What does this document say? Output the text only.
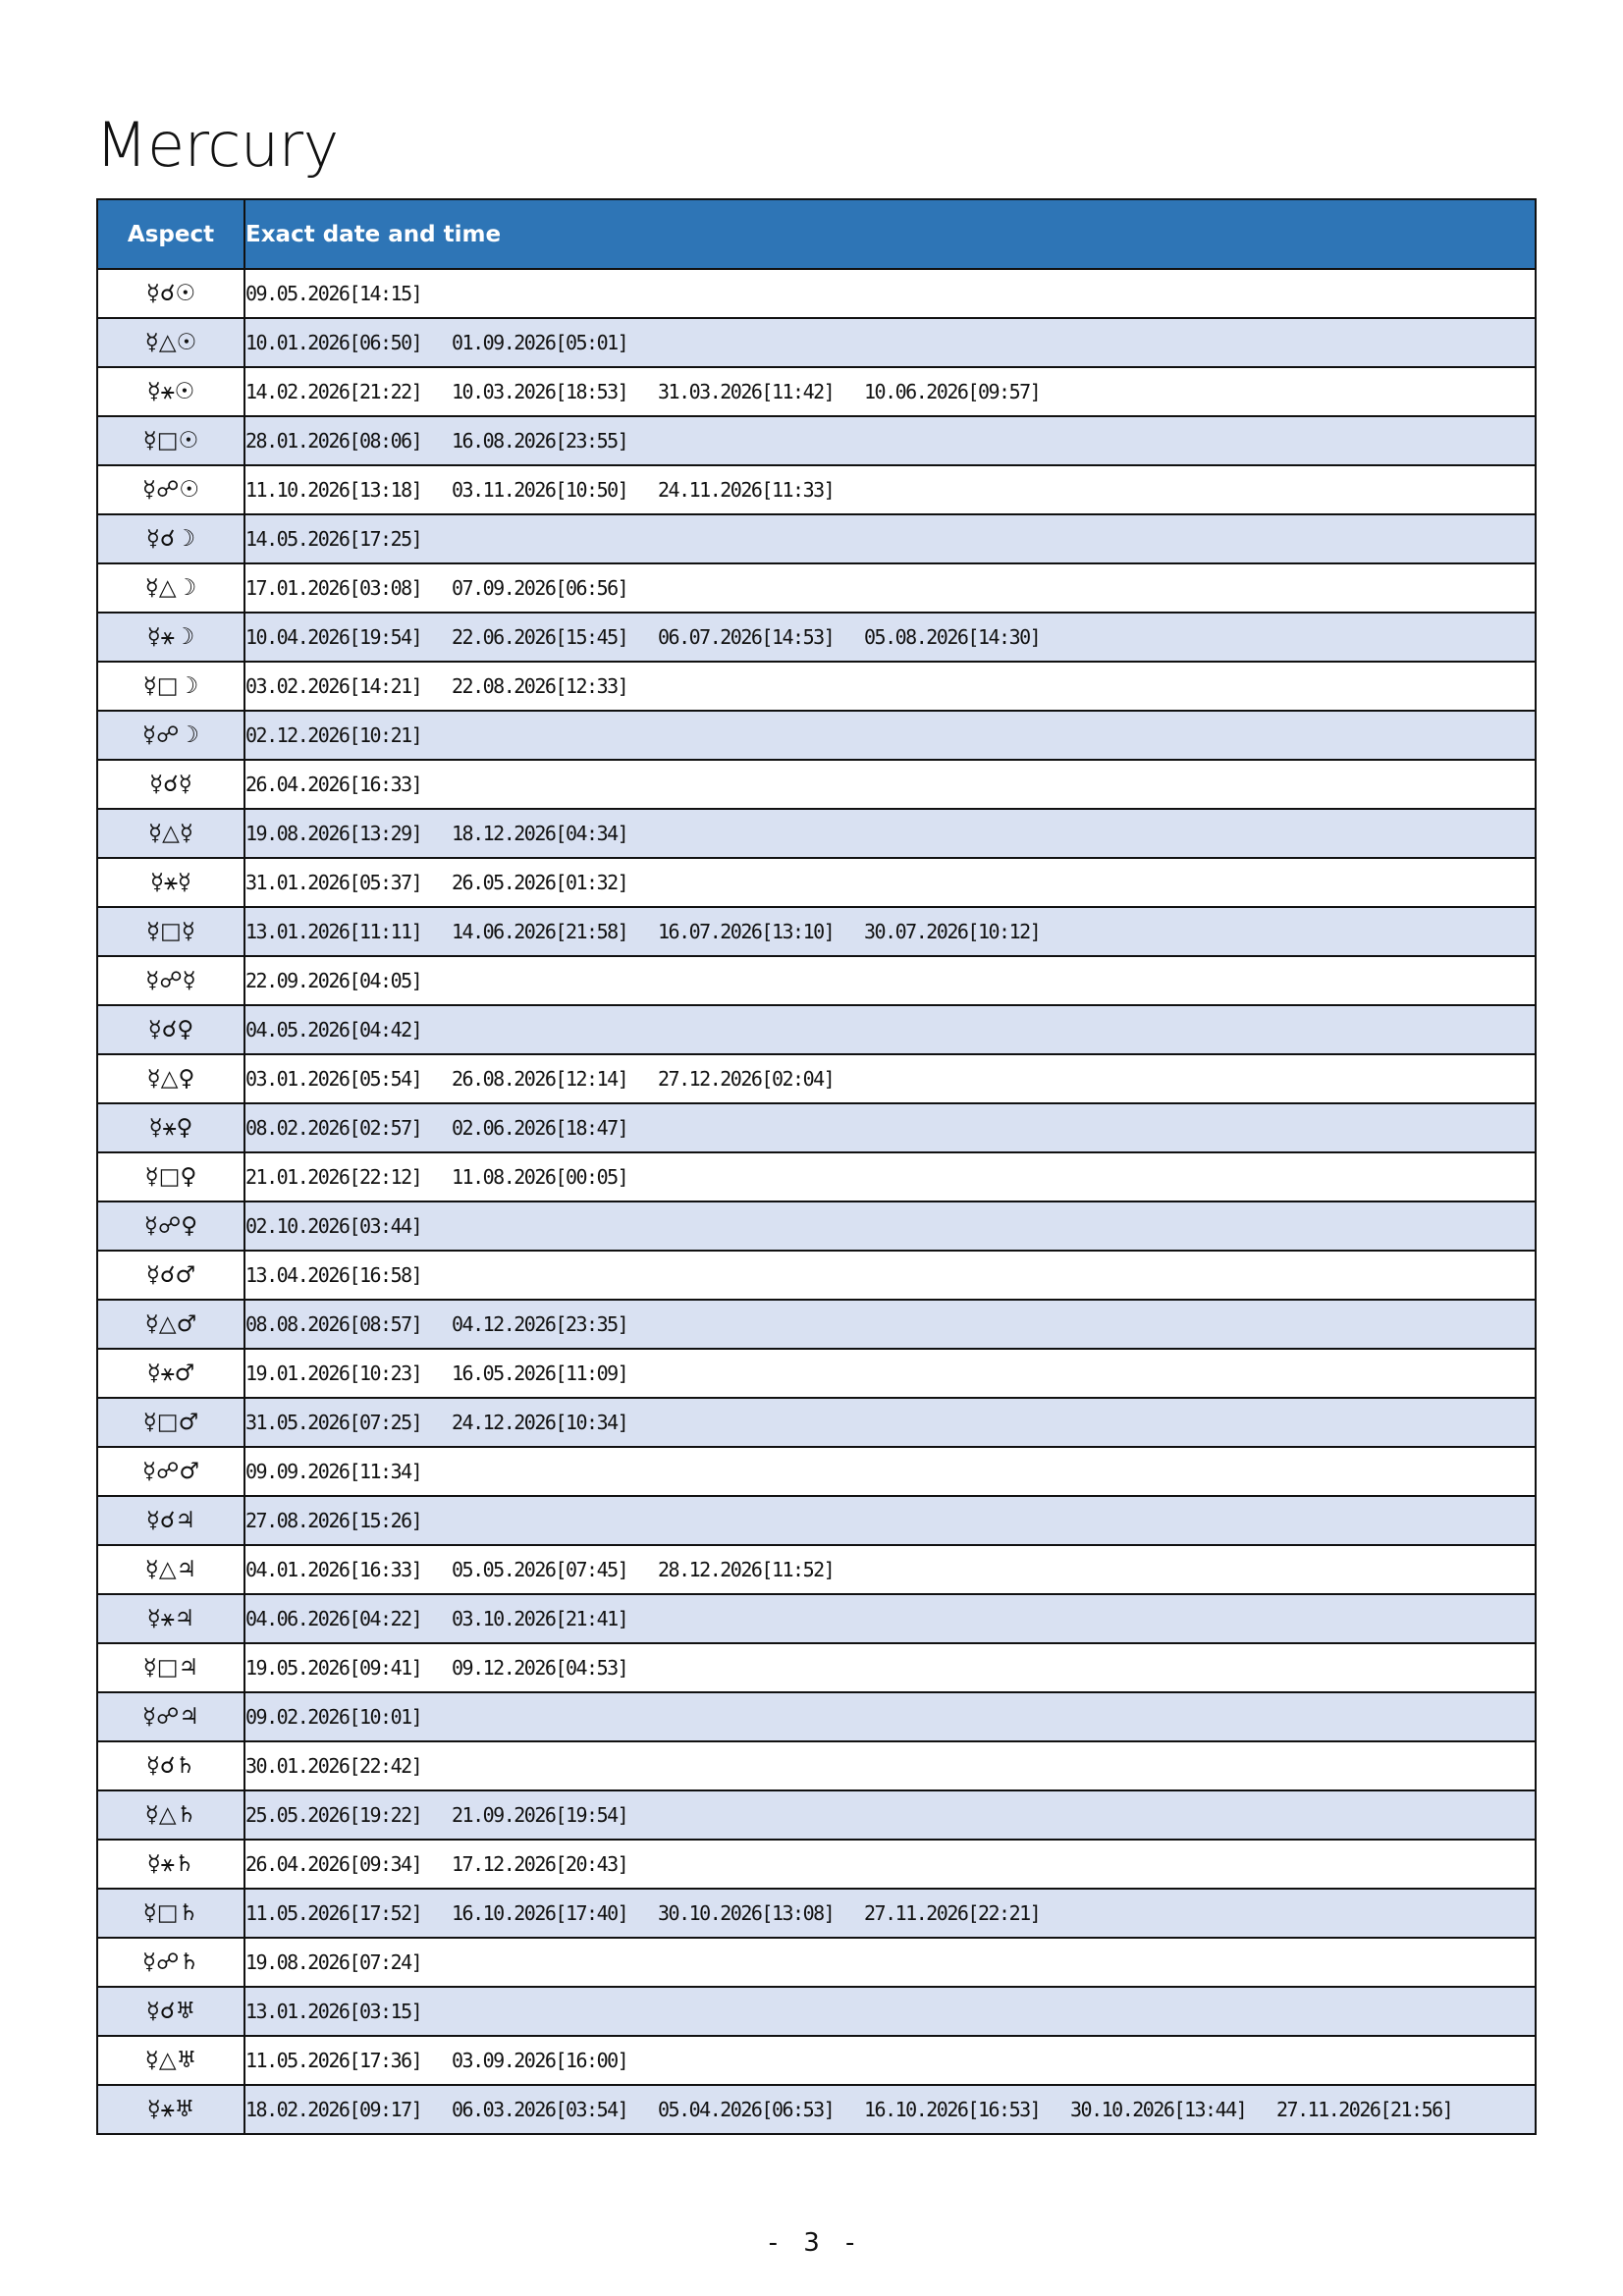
Mercury
Aspect	Exact date and time
☿☌☉	09.05.2026[14:15]
☿△☉	10.01.2026[06:50] 01.09.2026[05:01]
☿⚹☉	14.02.2026[21:22] 10.03.2026[18:53] 31.03.2026[11:42] 10.06.2026[09:57]
☿□☉	28.01.2026[08:06] 16.08.2026[23:55]
☿☍☉	11.10.2026[13:18] 03.11.2026[10:50] 24.11.2026[11:33]
☿☌☽	14.05.2026[17:25]
☿△☽	17.01.2026[03:08] 07.09.2026[06:56]
☿⚹☽	10.04.2026[19:54] 22.06.2026[15:45] 06.07.2026[14:53] 05.08.2026[14:30]
☿□☽	03.02.2026[14:21] 22.08.2026[12:33]
☿☍☽	02.12.2026[10:21]
☿☌☿	26.04.2026[16:33]
☿△☿	19.08.2026[13:29] 18.12.2026[04:34]
☿⚹☿	31.01.2026[05:37] 26.05.2026[01:32]
☿□☿	13.01.2026[11:11] 14.06.2026[21:58] 16.07.2026[13:10] 30.07.2026[10:12]
☿☍☿	22.09.2026[04:05]
☿☌♀	04.05.2026[04:42]
☿△♀	03.01.2026[05:54] 26.08.2026[12:14] 27.12.2026[02:04]
☿⚹♀	08.02.2026[02:57] 02.06.2026[18:47]
☿□♀	21.01.2026[22:12] 11.08.2026[00:05]
☿☍♀	02.10.2026[03:44]
☿☌♂	13.04.2026[16:58]
☿△♂	08.08.2026[08:57] 04.12.2026[23:35]
☿⚹♂	19.01.2026[10:23] 16.05.2026[11:09]
☿□♂	31.05.2026[07:25] 24.12.2026[10:34]
☿☍♂	09.09.2026[11:34]
☿☌♃	27.08.2026[15:26]
☿△♃	04.01.2026[16:33] 05.05.2026[07:45] 28.12.2026[11:52]
☿⚹♃	04.06.2026[04:22] 03.10.2026[21:41]
☿□♃	19.05.2026[09:41] 09.12.2026[04:53]
☿☍♃	09.02.2026[10:01]
☿☌♄	30.01.2026[22:42]
☿△♄	25.05.2026[19:22] 21.09.2026[19:54]
☿⚹♄	26.04.2026[09:34] 17.12.2026[20:43]
☿□♄	11.05.2026[17:52] 16.10.2026[17:40] 30.10.2026[13:08] 27.11.2026[22:21]
☿☍♄	19.08.2026[07:24]
☿☌♅	13.01.2026[03:15]
☿△♅	11.05.2026[17:36] 03.09.2026[16:00]
☿⚹♅	18.02.2026[09:17] 06.03.2026[03:54] 05.04.2026[06:53] 16.10.2026[16:53] 30.10.2026[13:44] 27.11.2026[21:56]
- 3 -
